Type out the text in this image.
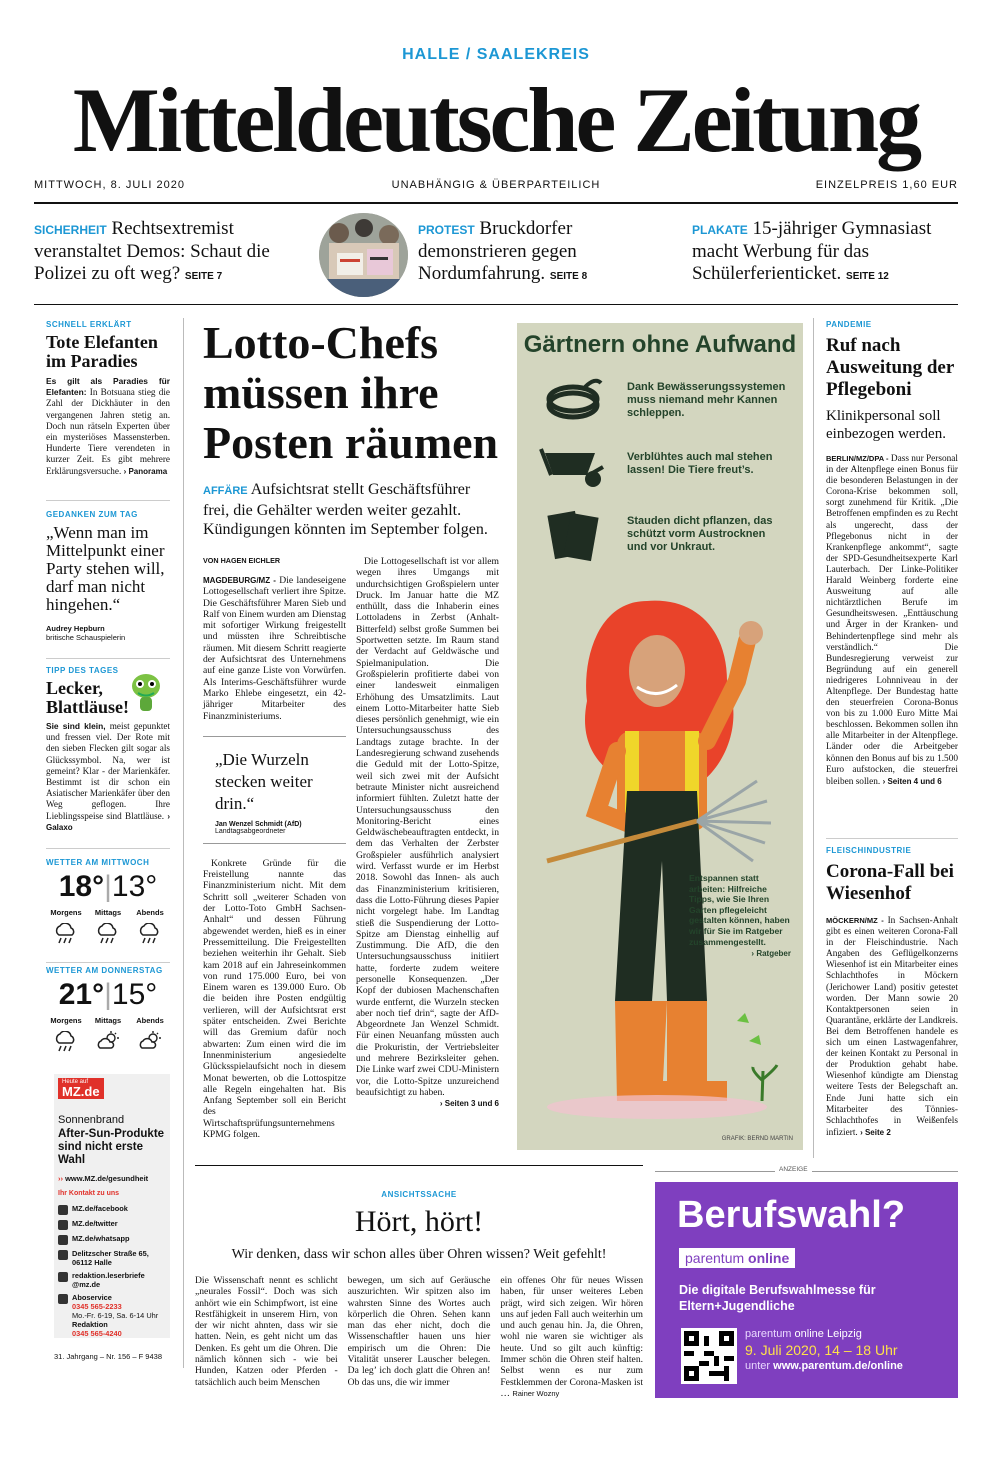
HALLE / SAALEKREIS
Mitteldeutsche Zeitung
MITTWOCH, 8. JULI 2020	UNABHÄNGIG & ÜBERPARTEILICH	EINZELPREIS 1,60 EUR
SICHERHEIT Rechtsextremist veranstaltet Demos: Schaut die Polizei zu oft weg? SEITE 7
PROTEST Bruckdorfer demonstrieren gegen Nordumfahrung. SEITE 8
PLAKATE 15-jähriger Gymnasiast macht Werbung für das Schülerferienticket. SEITE 12
SCHNELL ERKLÄRT
Tote Elefanten im Paradies
Es gilt als Paradies für Elefanten: In Botsuana stieg die Zahl der Dickhäuter in den vergangenen Jahren stetig an. Doch nun rätseln Experten über ein mysteriöses Massensterben. Hunderte Tiere verendeten in kurzer Zeit. Es gibt mehrere Erklärungsversuche. › Panorama
GEDANKEN ZUM TAG
„Wenn man im Mittelpunkt einer Party stehen will, darf man nicht hingehen.“
Audrey Hepburn
britische Schauspielerin
TIPP DES TAGES
Lecker, Blattläuse!
Sie sind klein, meist gepunktet und fressen viel. Der Rote mit den sieben Flecken gilt sogar als Glückssymbol. Na, wer ist gemeint? Klar - der Marienkäfer. Bestimmt ist dir schon ein Asiatischer Marienkäfer über den Weg geflogen. Ihre Lieblingsspeise sind Blattläuse. › Galaxo
WETTER AM MITTWOCH
18°|13°
Morgens	Mittags	Abends
WETTER AM DONNERSTAG
21°|15°
Morgens	Mittags	Abends
Heute auf
MZ.de
Sonnenbrand
After-Sun-Produkte sind nicht erste Wahl
›› www.MZ.de/gesundheit
Ihr Kontakt zu uns
MZ.de/facebook
MZ.de/twitter
MZ.de/whatsapp
Delitzscher Straße 65, 06112 Halle
redaktion.leserbriefe @mz.de
Aboservice
0345 565-2233
Mo.-Fr. 6-19, Sa. 6-14 Uhr
Redaktion
0345 565-4240
31. Jahrgang – Nr. 156 – F 9438
Lotto-Chefs müssen ihre Posten räumen
AFFÄRE Aufsichtsrat stellt Geschäftsführer frei, die Gehälter werden weiter gezahlt. Kündigungen könnten im September folgen.
VON HAGEN EICHLER
MAGDEBURG/MZ - Die landeseigene Lottogesellschaft verliert ihre Spitze. Die Geschäftsführer Maren Sieb und Ralf von Einem wurden am Dienstag mit sofortiger Wirkung freigestellt und müssten ihre Schreibtische räumen. Mit diesem Schritt reagierte der Aufsichtsrat des Unternehmens auf eine ganze Liste von Vorwürfen. Als Interims-Geschäftsführer wurde Marko Ehlebe eingesetzt, ein 42-jähriger Mitarbeiter des Finanzministeriums.
„Die Wurzeln stecken weiter drin.“
Jan Wenzel Schmidt (AfD)
Landtagsabgeordneter
Konkrete Gründe für die Freistellung nannte das Finanzministerium nicht. Mit dem Schritt soll „weiterer Schaden von der Lotto-Toto GmbH Sachsen-Anhalt“ und dessen Führung abgewendet werden, hieß es in einer Pressemitteilung. Die Freigestellten beziehen weiterhin ihr Gehalt. Sieb kam 2018 auf ein Jahreseinkommen von rund 175.000 Euro, bei von Einem waren es 139.000 Euro. Ob die beiden ihre Posten endgültig verlieren, will der Aufsichtsrat erst später entscheiden. Zwei Berichte will das Gremium dafür noch abwarten: Zum einen wird die im Innenministerium angesiedelte Glücksspielaufsicht noch in diesem Monat bewerten, ob die Lottospitze alle Regeln eingehalten hat. Bis Anfang September soll ein Bericht des Wirtschaftsprüfungsunternehmens KPMG folgen.
Die Lottogesellschaft ist vor allem wegen ihres Umgangs mit undurchsichtigen Großspielern unter Druck. Im Januar hatte die MZ enthüllt, dass die Inhaberin eines Lottoladens in Zerbst (Anhalt-Bitterfeld) selbst große Summen bei Sportwetten setzte. Im Raum stand der Verdacht auf Geldwäsche und Spielmanipulation. Die Großspielerin profitierte dabei von einer landesweit einmaligen Erhöhung des Umsatzlimits. Laut einem Lotto-Mitarbeiter hatte Sieb dieses persönlich genehmigt, wie ein Untersuchungsausschuss des Landtags zutage brachte. In der Landesregierung schwand zusehends die Geduld mit der Lotto-Spitze, weil sich zwei mit der Aufsicht betraute Minister nicht ausreichend informiert fühlten. Zuletzt hatte der Untersuchungsausschuss den Monitoring-Bericht eines Geldwäschebeauftragten entdeckt, in dem das Verhalten der Zerbster Großspieler ausführlich analysiert wird. Verfasst wurde er im Herbst 2018. Sowohl das Innen- als auch das Finanzministerium kritisieren, dass die Lotto-Führung dieses Papier nicht vorgelegt habe. Im Landtag stieß die Suspendierung der Lotto-Spitze am Dienstag einhellig auf Zustimmung. Die AfD, die den Untersuchungsausschuss initiiert hatte, forderte zudem weitere personelle Konsequenzen. „Der Kopf der dubiosen Machenschaften wurde entfernt, die Wurzeln stecken aber noch tief drin“, sagte der AfD-Abgeordnete Jan Wenzel Schmidt. Für einen Neuanfang müssten auch die Prokuristin, der Vertriebsleiter und mehrere Bezirksleiter gehen. Die Linke warf zwei CDU-Ministern vor, die Lotto-Spitze unzureichend beaufsichtigt zu haben.
› Seiten 3 und 6
Gärtnern ohne Aufwand
Dank Bewässerungssystemen muss niemand mehr Kannen schleppen.
Verblühtes auch mal stehen lassen! Die Tiere freut’s.
Stauden dicht pflanzen, das schützt vorm Austrocknen und vor Unkraut.
Entspannen statt arbeiten: Hilfreiche Tipps, wie Sie Ihren Garten pflegeleicht gestalten können, haben wir für Sie im Ratgeber zusammengestellt.
› Ratgeber
GRAFIK: BERND MARTIN
PANDEMIE
Ruf nach Ausweitung der Pflegeboni
Klinikpersonal soll einbezogen werden.
BERLIN/MZ/DPA - Dass nur Personal in der Altenpflege einen Bonus für die besonderen Belastungen in der Corona-Krise bekommen soll, sorgt zunehmend für Kritik. „Die Betroffenen empfinden es zu Recht als ungerecht, dass der Pflegebonus nicht in der Krankenpflege ankommt“, sagte der SPD-Gesundheitsexperte Karl Lauterbach. Der Linke-Politiker Harald Weinberg forderte eine Ausweitung auf alle nichtärztlichen Berufe im Gesundheitswesen. „Enttäuschung und Ärger in der Kranken- und Behindertenpflege sind mehr als verständlich.“ Die Bundesregierung verweist zur Begründung auf ein generell niedrigeres Lohnniveau in der Altenpflege. Der Bundestag hatte den steuerfreien Corona-Bonus von bis zu 1.000 Euro Mitte Mai beschlossen. Bekommen sollen ihn alle Mitarbeiter in der Altenpflege. Länder oder die Arbeitgeber können den Bonus auf bis zu 1.500 Euro aufstocken, die steuerfrei bleiben sollen. › Seiten 4 und 6
FLEISCHINDUSTRIE
Corona-Fall bei Wiesenhof
MÖCKERN/MZ - In Sachsen-Anhalt gibt es einen weiteren Corona-Fall in der Fleischindustrie. Nach Angaben des Geflügelkonzerns Wiesenhof ist ein Mitarbeiter eines Schlachthofes in Möckern (Jerichower Land) positiv getestet worden. Der Mann sowie 20 Kontaktpersonen seien in Quarantäne, erklärte der Landkreis. Bei dem Betroffenen handele es sich um einen Lastwagenfahrer, der keinen Kontakt zu Personal in der Produktion gehabt habe. Wiesenhof kündigte am Dienstag weitere Tests der Belegschaft an. Ende Juni hatte sich ein Mitarbeiter des Tönnies-Schlachthofes in Weißenfels infiziert. › Seite 2
ANSICHTSSACHE
Hört, hört!
Wir denken, dass wir schon alles über Ohren wissen? Weit gefehlt!
Die Wissenschaft nennt es schlicht „neurales Fossil“. Doch was sich anhört wie ein Schimpfwort, ist eine Restfähigkeit in unserem Hirn, von der wir nicht ahnten, dass wir sie hatten. Nein, es geht nicht um das Denken. Es geht um die Ohren. Die nämlich können sich - wie bei Hunden, Katzen oder Pferden - tatsächlich auch beim Menschen
bewegen, um sich auf Geräusche auszurichten. Wir spitzen also im wahrsten Sinne des Wortes auch körperlich die Ohren. Sehen kann man das eher nicht, doch die Wissenschaftler hauen uns hier empirisch um die Ohren: Die Vitalität unserer Lauscher belegen. Da leg’ ich doch glatt die Ohren an! Ob das uns, die wir immer
ein offenes Ohr für neues Wissen haben, für unser weiteres Leben prägt, wird sich zeigen. Wir hören uns auf jeden Fall auch weiterhin um und auch genau hin. Ja, die Ohren, wohl nie waren sie wichtiger als heute. Und so gilt auch künftig: Immer schön die Ohren steif halten. Selbst wenn es nur zum Festklemmen der Corona-Masken ist … Rainer Wozny
ANZEIGE
Berufswahl?
parentum online
Die digitale Berufswahlmesse für Eltern+Jugendliche
parentum online Leipzig
9. Juli 2020, 14 – 18 Uhr
unter www.parentum.de/online
